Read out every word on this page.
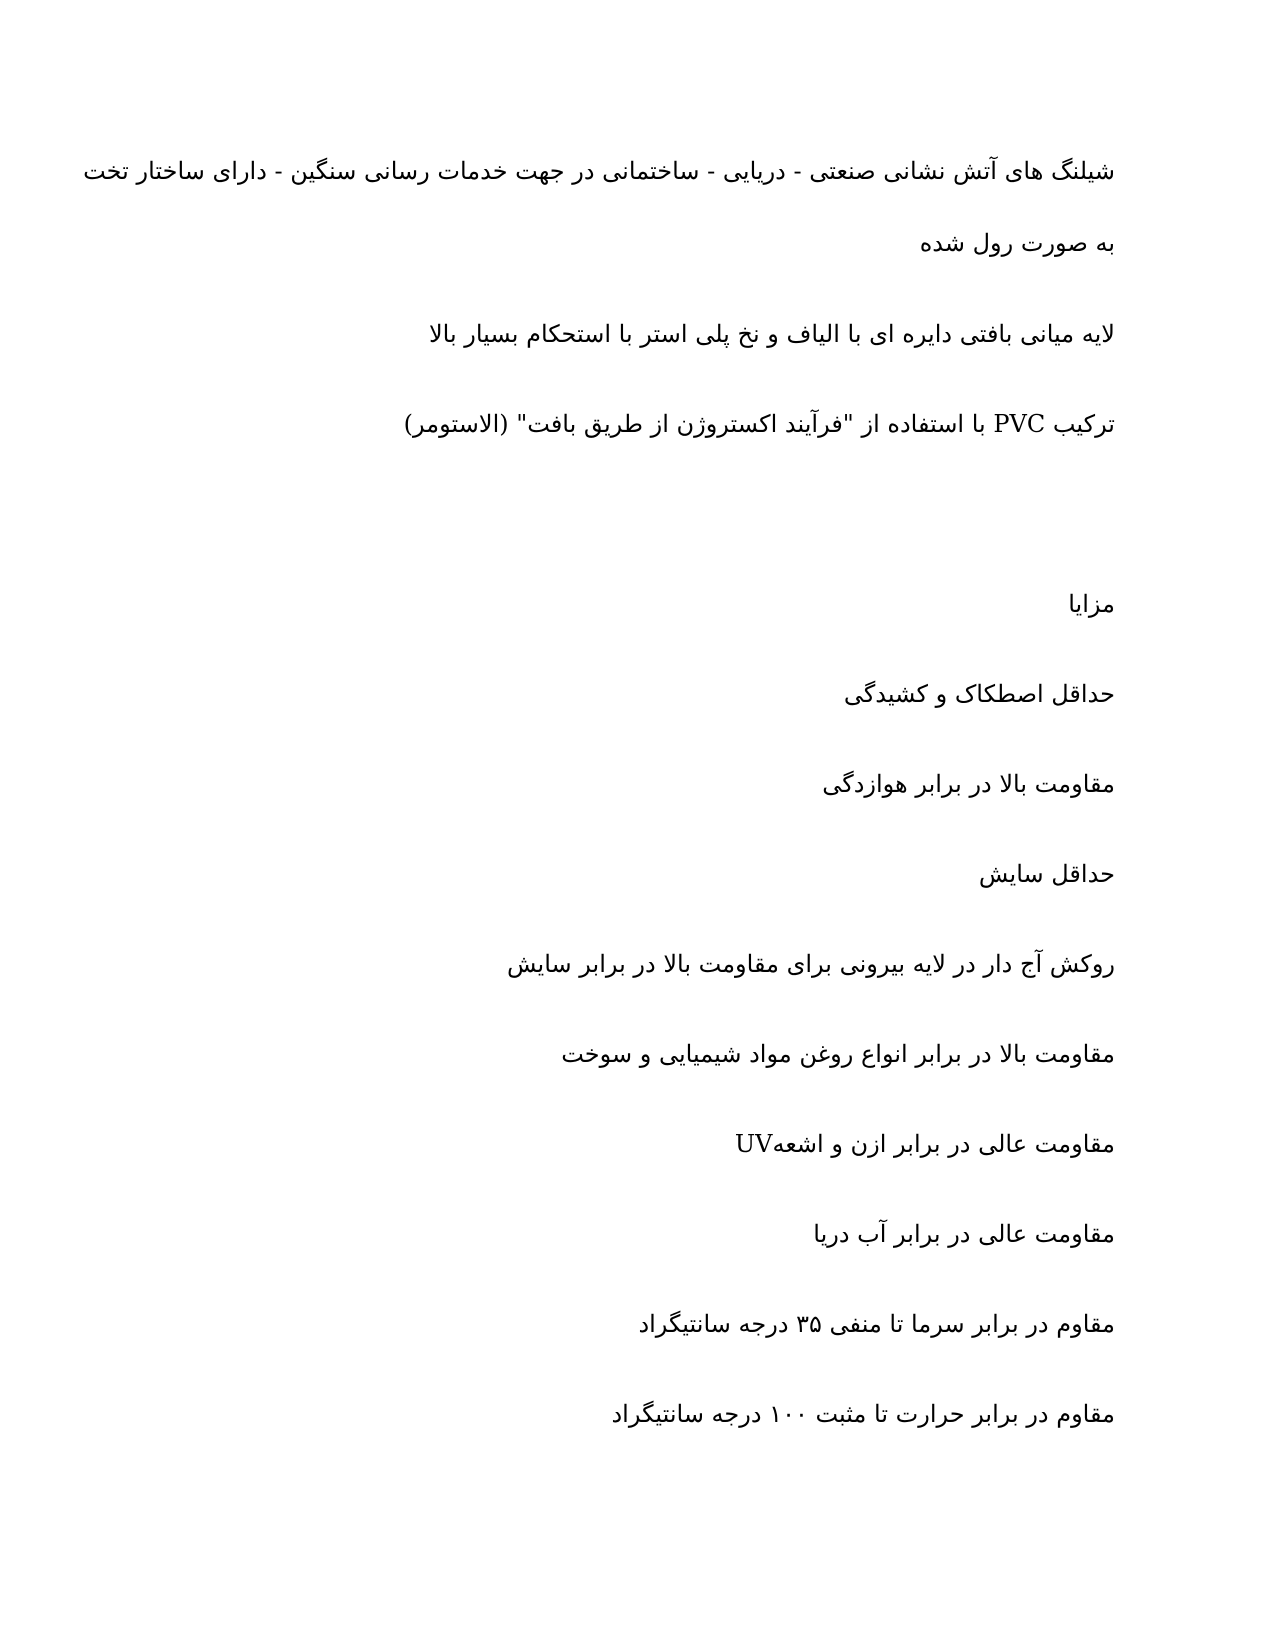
شیلنگ های آتش نشانی صنعتی - دریایی - ساختمانی در جهت خدمات رسانی سنگین - دارای ساختار تخت
به صورت رول شده
لایه میانی بافتی دایره ای با الیاف و نخ پلی استر با استحکام بسیار بالا
ترکیب PVC با استفاده از "فرآیند اکستروژن از طریق بافت" (الاستومر)
مزایا
حداقل اصطکاک و کشیدگی
مقاومت بالا در برابر هوازدگی
حداقل سایش
روکش آج دار در لایه بیرونی برای مقاومت بالا در برابر سایش
مقاومت بالا در برابر انواع روغن مواد شیمیایی و سوخت
مقاومت عالی در برابر ازن و اشعهUV
مقاومت عالی در برابر آب دریا
مقاوم در برابر سرما تا منفی ۳۵ درجه سانتیگراد
مقاوم در برابر حرارت تا مثبت ۱۰۰ درجه سانتیگراد
